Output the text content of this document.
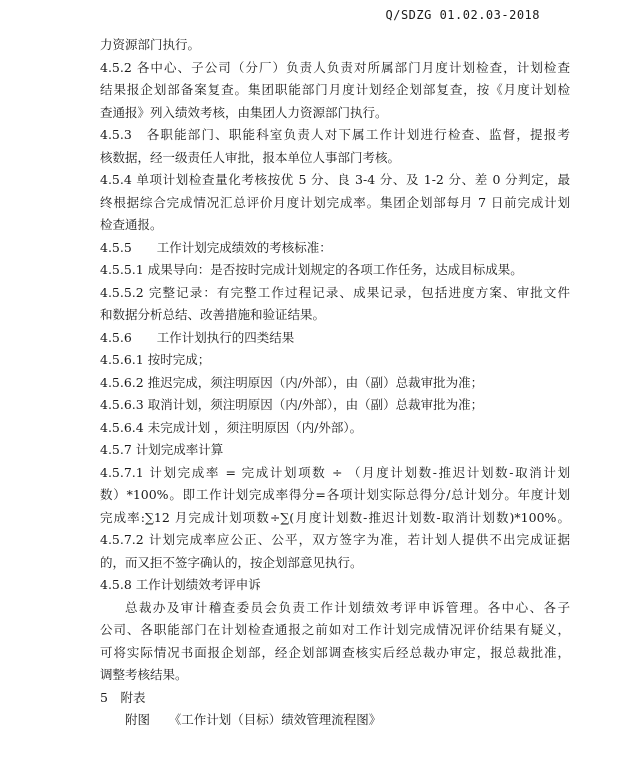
Q/SDZG 01.02.03-2018
力资源部门执行。
4.5.2 各中心、子公司（分厂）负责人负责对所属部门月度计划检查，计划检查
结果报企划部备案复查。集团职能部门月度计划经企划部复查，按《月度计划检
查通报》列入绩效考核，由集团人力资源部门执行。
4.5.3　各职能部门、职能科室负责人对下属工作计划进行检查、监督，提报考
核数据，经一级责任人审批，报本单位人事部门考核。
4.5.4 单项计划检查量化考核按优 5 分、良 3-4 分、及 1-2 分、差 0 分判定，最
终根据综合完成情况汇总评价月度计划完成率。集团企划部每月 7 日前完成计划
检查通报。
4.5.5　　工作计划完成绩效的考核标准：
4.5.5.1 成果导向：是否按时完成计划规定的各项工作任务，达成目标成果。
4.5.5.2 完整记录：有完整工作过程记录、成果记录，包括进度方案、审批文件
和数据分析总结、改善措施和验证结果。
4.5.6　　工作计划执行的四类结果
4.5.6.1 按时完成；
4.5.6.2 推迟完成，须注明原因（内/外部），由（副）总裁审批为准；
4.5.6.3 取消计划，须注明原因（内/外部），由（副）总裁审批为准；
4.5.6.4 未完成计划 ，须注明原因（内/外部）。
4.5.7 计划完成率计算
4.5.7.1 计划完成率 = 完成计划项数 ÷ （月度计划数-推迟计划数-取消计划
数）*100%。即工作计划完成率得分=各项计划实际总得分/总计划分。年度计划
完成率:∑12 月完成计划项数÷∑(月度计划数-推迟计划数-取消计划数)*100%。
4.5.7.2 计划完成率应公正、公平，双方签字为准，若计划人提供不出完成证据
的，而又拒不签字确认的，按企划部意见执行。
4.5.8 工作计划绩效考评申诉
总裁办及审计稽查委员会负责工作计划绩效考评申诉管理。各中心、各子
公司、各职能部门在计划检查通报之前如对工作计划完成情况评价结果有疑义，
可将实际情况书面报企划部，经企划部调查核实后经总裁办审定，报总裁批准，
调整考核结果。
5　附表
附图　　《工作计划（目标）绩效管理流程图》
